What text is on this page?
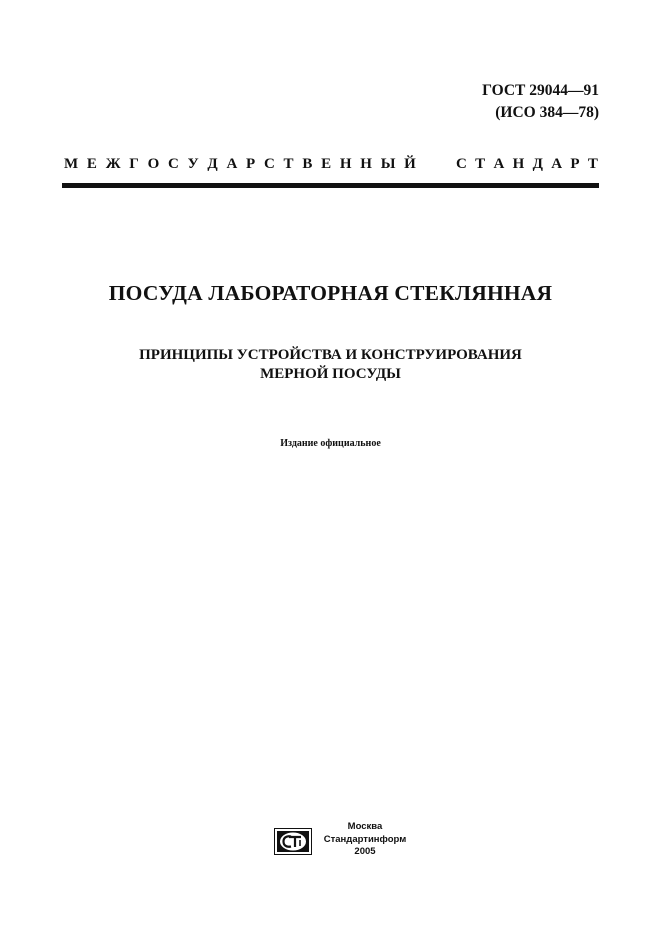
ГОСТ 29044—91
(ИСО 384—78)
М Е Ж Г О С У Д А Р С Т В Е Н Н Ы Й	С Т А Н Д А Р Т
ПОСУДА ЛАБОРАТОРНАЯ СТЕКЛЯННАЯ
ПРИНЦИПЫ УСТРОЙСТВА И КОНСТРУИРОВАНИЯ
МЕРНОЙ ПОСУДЫ
Издание официальное
Москва
Стандартинформ
2005
